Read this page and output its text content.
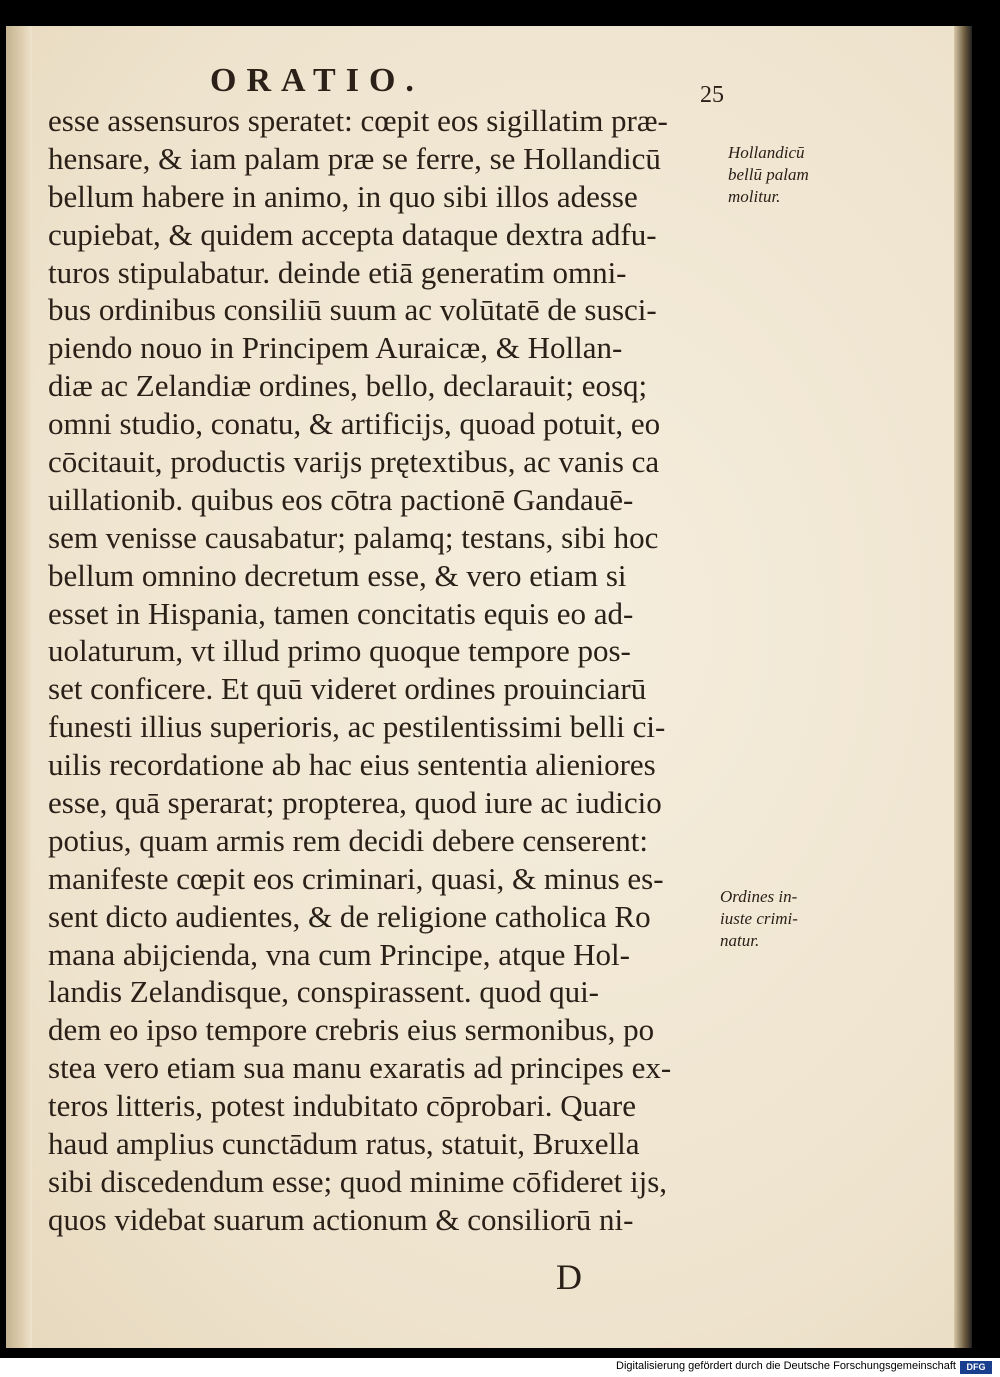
ORATIO.	25

esse assensuros speratet: cœpit eos sigillatim præ-
hensare, & iam palam præ se ferre, se Hollandicū
bellum habere in animo, in quo sibi illos adesse
cupiebat, & quidem accepta dataque dextra adfu-
turos stipulabatur. deinde etiā generatim omni-
bus ordinibus consiliū suum ac volūtatē de susci-
piendo nouo in Principem Auraicæ, & Hollan-
diæ ac Zelandiæ ordines, bello, declarauit; eosq;
omni studio, conatu, & artificijs, quoad potuit, eo
cōcitauit, productis varijs prętextibus, ac vanis ca
uillationib. quibus eos cōtra pactionē Gandauē-
sem venisse causabatur; palamq; testans, sibi hoc
bellum omnino decretum esse, & vero etiam si
esset in Hispania, tamen concitatis equis eo ad-
uolaturum, vt illud primo quoque tempore pos-
set conficere. Et quū videret ordines prouinciarū
funesti illius superioris, ac pestilentissimi belli ci-
uilis recordatione ab hac eius sententia alieniores
esse, quā sperarat; propterea, quod iure ac iudicio
potius, quam armis rem decidi debere censerent:
manifeste cœpit eos criminari, quasi, & minus es-
sent dicto audientes, & de religione catholica Ro
mana abijcienda, vna cum Principe, atque Hol-
landis Zelandisque, conspirassent. quod qui-
dem eo ipso tempore crebris eius sermonibus, po
stea vero etiam sua manu exaratis ad principes ex-
teros litteris, potest indubitato cōprobari. Quare
haud amplius cunctādum ratus, statuit, Bruxella
sibi discedendum esse; quod minime cōfideret ijs,
quos videbat suarum actionum & consiliorū ni-
Hollandicū
bellū palam
molitur.
Ordines in-
iuste crimi-
natur.

D

Digitalisierung gefördert durch die Deutsche Forschungsgemeinschaft	DFG
